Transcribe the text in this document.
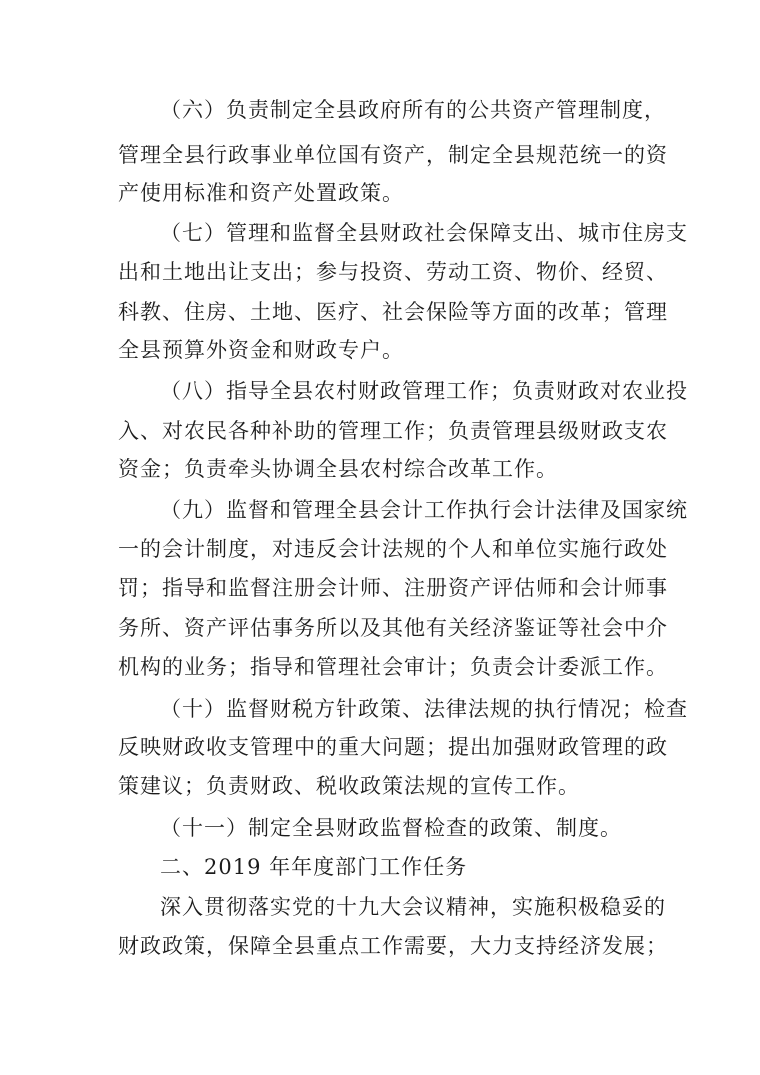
（六）负责制定全县政府所有的公共资产管理制度，

管理全县行政事业单位国有资产，制定全县规范统一的资

产使用标准和资产处置政策。

（七）管理和监督全县财政社会保障支出、城市住房支

出和土地出让支出；参与投资、劳动工资、物价、经贸、

科教、住房、土地、医疗、社会保险等方面的改革；管理

全县预算外资金和财政专户。

（八）指导全县农村财政管理工作；负责财政对农业投

入、对农民各种补助的管理工作；负责管理县级财政支农

资金；负责牵头协调全县农村综合改革工作。

（九）监督和管理全县会计工作执行会计法律及国家统

一的会计制度，对违反会计法规的个人和单位实施行政处

罚；指导和监督注册会计师、注册资产评估师和会计师事

务所、资产评估事务所以及其他有关经济鉴证等社会中介

机构的业务；指导和管理社会审计；负责会计委派工作。

（十）监督财税方针政策、法律法规的执行情况；检查

反映财政收支管理中的重大问题；提出加强财政管理的政

策建议；负责财政、税收政策法规的宣传工作。

（十一）制定全县财政监督检查的政策、制度。

二、2019 年年度部门工作任务

深入贯彻落实党的十九大会议精神，实施积极稳妥的

财政政策，保障全县重点工作需要，大力支持经济发展；
